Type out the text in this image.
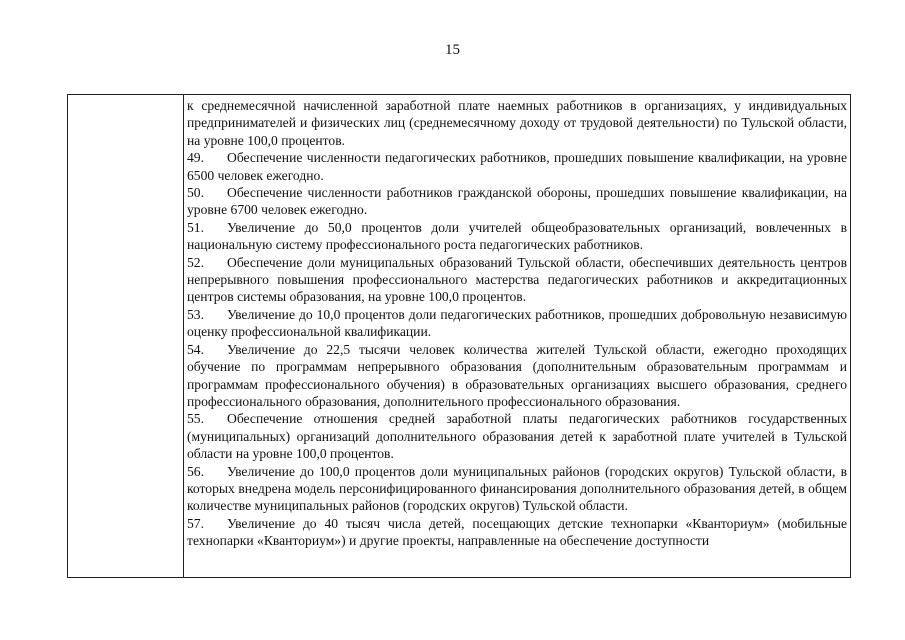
15

к среднемесячной начисленной заработной плате наемных работников в организациях, у индивидуальных предпринимателей и физических лиц (среднемесячному доходу от трудовой деятельности) по Тульской области, на уровне 100,0 процентов.

49. Обеспечение численности педагогических работников, прошедших повышение квалификации, на уровне 6500 человек ежегодно.

50. Обеспечение численности работников гражданской обороны, прошедших повышение квалификации, на уровне 6700 человек ежегодно.

51. Увеличение до 50,0 процентов доли учителей общеобразовательных организаций, вовлеченных в национальную систему профессионального роста педагогических работников.

52. Обеспечение доли муниципальных образований Тульской области, обеспечивших деятельность центров непрерывного повышения профессионального мастерства педагогических работников и аккредитационных центров системы образования, на уровне 100,0 процентов.

53. Увеличение до 10,0 процентов доли педагогических работников, прошедших добровольную независимую оценку профессиональной квалификации.

54. Увеличение до 22,5 тысячи человек количества жителей Тульской области, ежегодно проходящих обучение по программам непрерывного образования (дополнительным образовательным программам и программам профессионального обучения) в образовательных организациях высшего образования, среднего профессионального образования, дополнительного профессионального образования.

55. Обеспечение отношения средней заработной платы педагогических работников государственных (муниципальных) организаций дополнительного образования детей к заработной плате учителей в Тульской области на уровне 100,0 процентов.

56. Увеличение до 100,0 процентов доли муниципальных районов (городских округов) Тульской области, в которых внедрена модель персонифицированного финансирования дополнительного образования детей, в общем количестве муниципальных районов (городских округов) Тульской области.

57. Увеличение до 40 тысяч числа детей, посещающих детские технопарки «Кванториум» (мобильные технопарки «Кванториум») и другие проекты, направленные на обеспечение доступности
